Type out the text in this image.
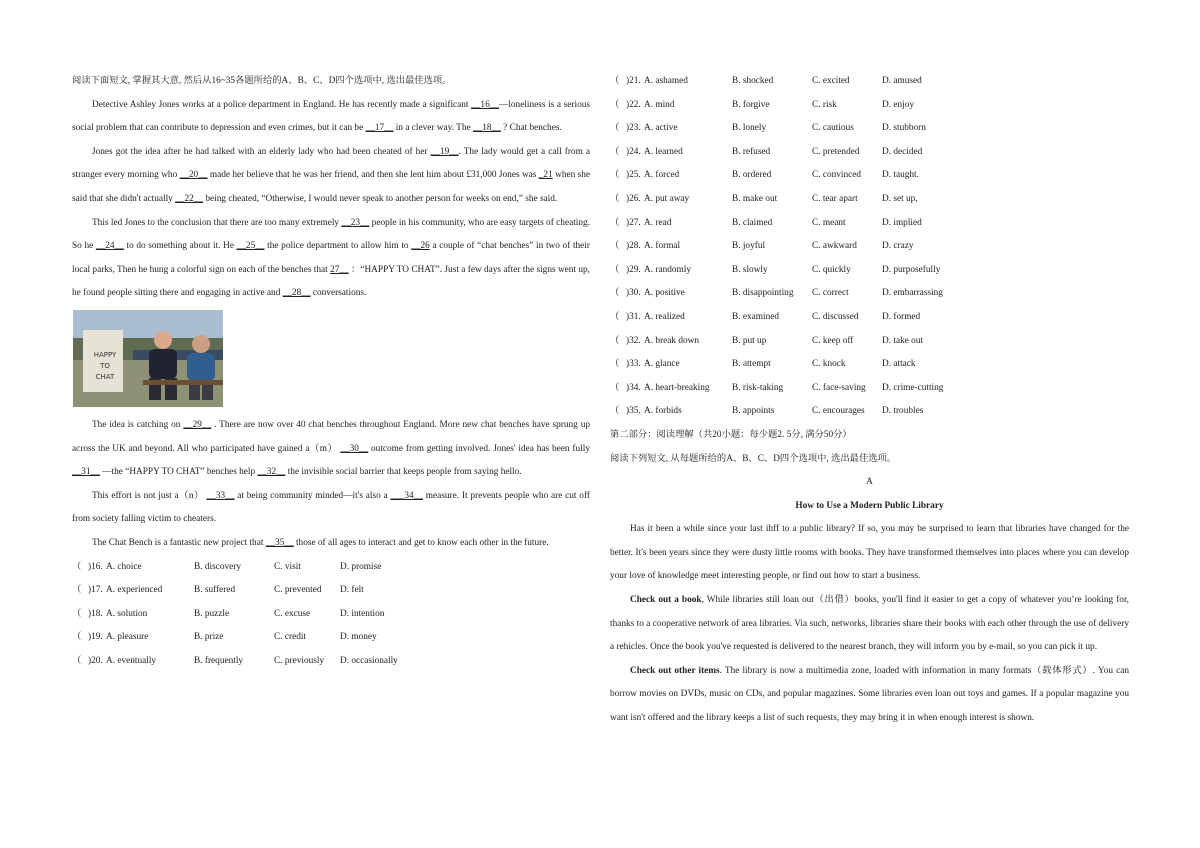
阅读下面短文, 掌握其大意, 然后从16~35各题所给的A、B、C、D四个选项中, 选出最佳选项。

Detective Ashley Jones works at a police department in England. He has recently made a significant __16__—loneliness is a serious social problem that can contribute to depression and even crimes, but it can be __17__ in a clever way. The __18__ ? Chat benches.

Jones got the idea after he had talked with an elderly lady who had been cheated of her __19__. The lady would get a call from a stranger every morning who __20__ made her believe that he was her friend, and then she lent him about £31,000 Jones was _21 when she said that she didn't actually __22__ being cheated, “Otherwise, I would never speak to another person for weeks on end,” she said.

This led Jones to the conclusion that there are too many extremely __23__ people in his community, who are easy targets of cheating. So he __24__ to do something about it. He __25__ the police department to allow him to __26 a couple of “chat benches” in two of their local parks, Then he hung a colorful sign on each of the benches that 27__ ：“HAPPY TO CHAT”. Just a few days after the signs went up, he found people sitting there and engaging in active and __28__ conversations.

HAPPY
TO
CHAT

The idea is catching on __29__ . There are now over 40 chat benches throughout England. More new chat benches have sprung up across the UK and beyond. All who participated have gained a（m） __30__ outcome from getting involved. Jones' idea has been fully __31__ —the “HAPPY TO CHAT” benches help __32__ the invisible social barrier that keeps people from saying hello.

This effort is not just a（n） __33__ at being community minded—it's also a ___34__ measure. It prevents people who are cut off from society falling victim to cheaters.

The Chat Bench is a fantastic new project that __35__ those of all ages to interact and get to know each other in the future.

（ )16. A. choice	B. discovery	C. visit	D. promise
（ )17. A. experienced	B. suffered	C. prevented	D. felt
（ )18. A. solution	B. puzzle	C. excuse	D. intention
（ )19. A. pleasure	B. prize	C. credit	D. money
（ )20. A. eventually	B. frequently	C. previously	D. occasionally
（ )21. A. ashamed	B. shocked	C. excited	D. amused
（ )22. A. mind	B. forgive	C. risk	D. enjoy
（ )23. A. active	B. lonely	C. cautious	D. stubborn
（ )24. A. learned	B. refused	C. pretended	D. decided
（ )25. A. forced	B. ordered	C. convinced	D. taught.
（ )26. A. put away	B. make out	C. tear apart	D. set up,
（ )27. A. read	B. claimed	C. meant	D. implied
（ )28. A. formal	B. joyful	C. awkward	D. crazy
（ )29. A. randomly	B. slowly	C. quickly	D. purposefully
（ )30. A. positive	B. disappointing	C. correct	D. embarrassing
（ )31. A. realized	B. examined	C. discussed	D. formed
（ )32. A. break down	B. put up	C. keep off	D. take out
（ )33. A. glance	B. attempt	C. knock	D. attack
（ )34. A. heart-breaking	B. risk-taking	C. face-saving	D. crime-cutting
（ )35. A. forbids	B. appoints	C. encourages	D. troubles

第二部分：阅读理解（共20小题：每少题2. 5分, 满分50分）

阅读下列短文, 从每题所给的A、B、C、D四个选项中, 选出最佳选项。

A
How to Use a Modern Public Library

Has it been a while since your last ihff to a public library? If so, you may be surprised to learn that libraries have changed for the better. It's been years since they were dusty little rooms with books. They have transformed themselves into places where you can develop your love of knowledge meet interesting people, or find out how to start a business.

Check out a book, While libraries still loan out（出借）books, you'll find it easier to get a copy of whatever you’re looking for, thanks to a cooperative network of area libraries. Via such, networks, libraries share their books with each other through the use of delivery a rehicles. Once the book you've requested is delivered to the nearest branch, they will inform you by e-mail, so you can pick it up.

Check out other items. The library is now a multimedia zone, loaded with information in many formats（载体形式）. You can borrow movies on DVDs, music on CDs, and popular magazines. Some libraries even loan out toys and games. If a popular magazine you want isn't offered and the library keeps a list of such requests, they may bring it in when enough interest is shown.
